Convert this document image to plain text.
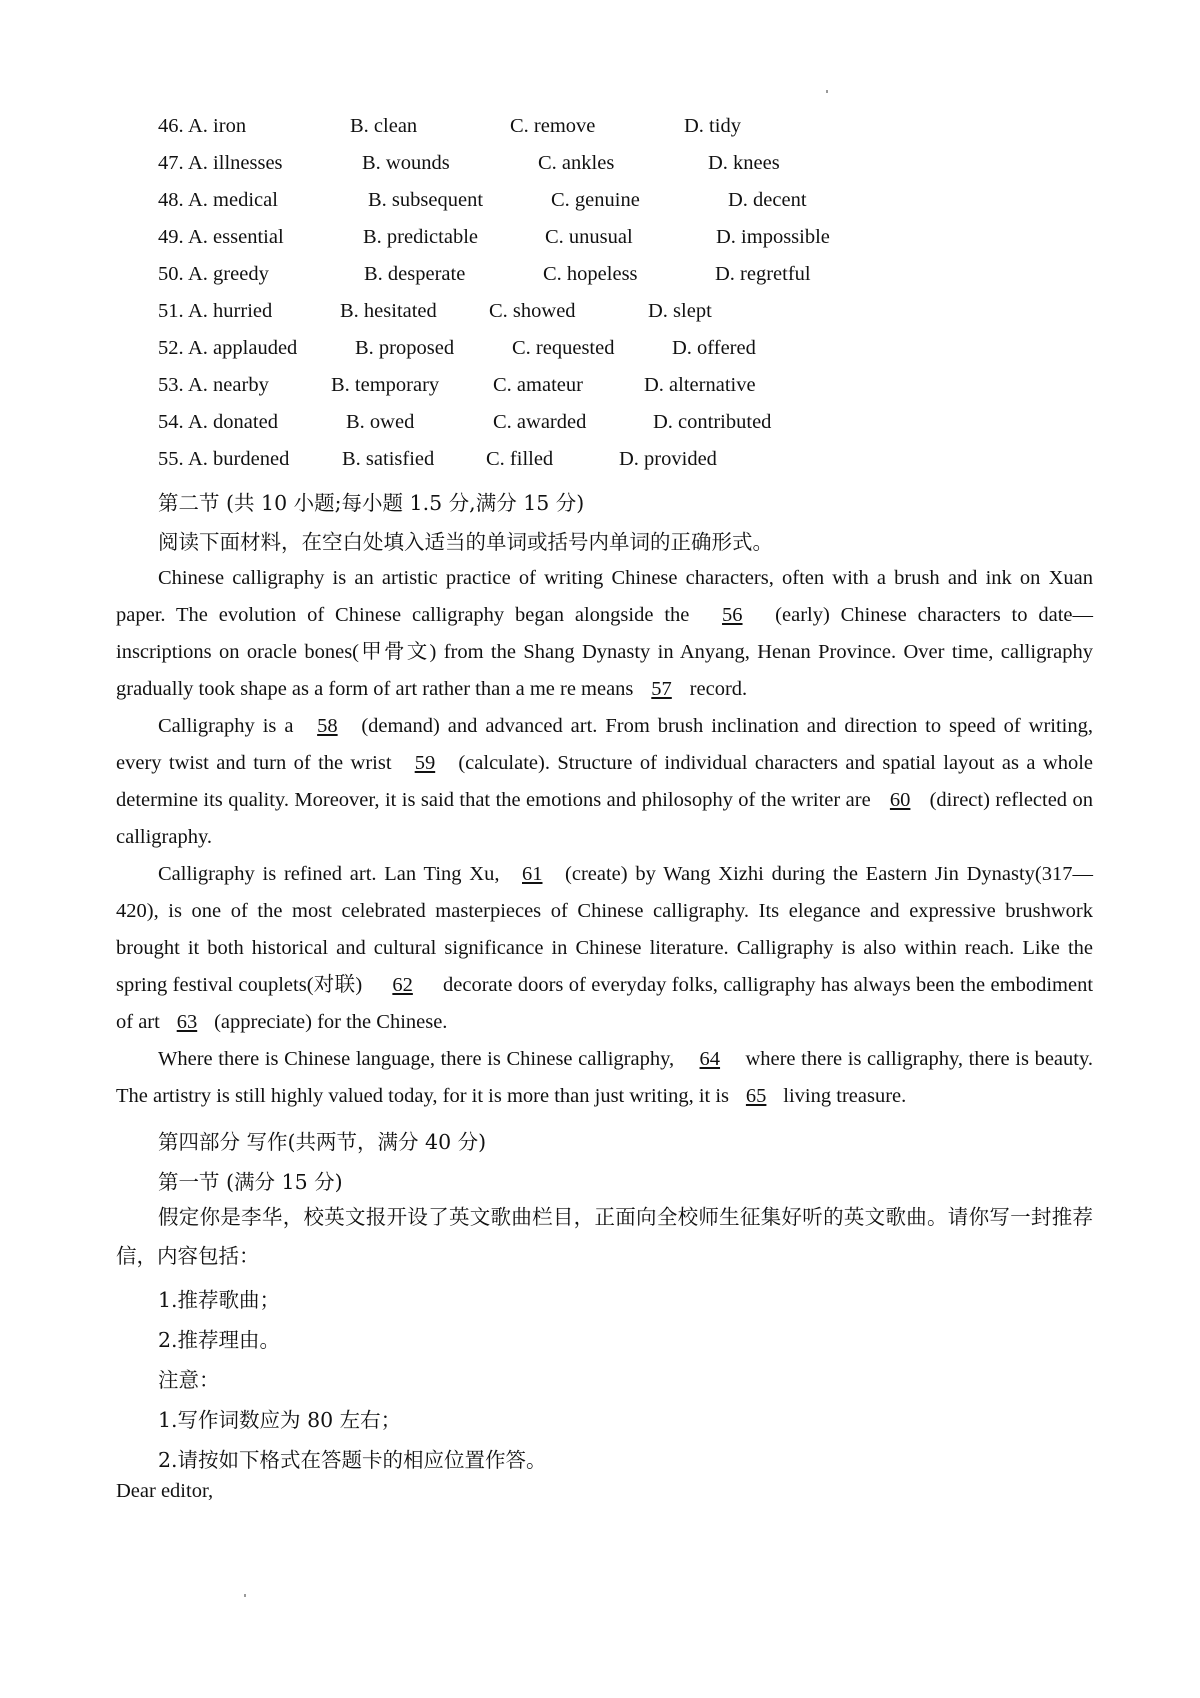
46. A. iron	B. clean	C. remove	D. tidy
47. A. illnesses	B. wounds	C. ankles	D. knees
48. A. medical	B. subsequent	C. genuine	D. decent
49. A. essential	B. predictable	C. unusual	D. impossible
50. A. greedy	B. desperate	C. hopeless	D. regretful
51. A. hurried	B. hesitated	C. showed	D. slept
52. A. applauded	B. proposed	C. requested	D. offered
53. A. nearby	B. temporary	C. amateur	D. alternative
54. A. donated	B. owed	C. awarded	D. contributed
55. A. burdened	B. satisfied	C. filled	D. provided
第二节 (共 10 小题;每小题 1.5 分,满分 15 分)
阅读下面材料，在空白处填入适当的单词或括号内单词的正确形式。
Chinese calligraphy is an artistic practice of writing Chinese characters, often with a brush and ink on Xuan paper. The evolution of Chinese calligraphy began alongside the 56 (early) Chinese characters to date—inscriptions on oracle bones(甲骨文) from the Shang Dynasty in Anyang, Henan Province. Over time, calligraphy gradually took shape as a form of art rather than a me re means 57 record.
Calligraphy is a 58 (demand) and advanced art. From brush inclination and direction to speed of writing, every twist and turn of the wrist 59 (calculate). Structure of individual characters and spatial layout as a whole determine its quality. Moreover, it is said that the emotions and philosophy of the writer are 60 (direct) reflected on calligraphy.
Calligraphy is refined art. Lan Ting Xu, 61 (create) by Wang Xizhi during the Eastern Jin Dynasty(317—420), is one of the most celebrated masterpieces of Chinese calligraphy. Its elegance and expressive brushwork brought it both historical and cultural significance in Chinese literature. Calligraphy is also within reach. Like the spring festival couplets(对联) 62 decorate doors of everyday folks, calligraphy has always been the embodiment of art 63 (appreciate) for the Chinese.
Where there is Chinese language, there is Chinese calligraphy, 64 where there is calligraphy, there is beauty. The artistry is still highly valued today, for it is more than just writing, it is 65 living treasure.
第四部分 写作(共两节，满分 40 分)
第一节 (满分 15 分)
假定你是李华，校英文报开设了英文歌曲栏目，正面向全校师生征集好听的英文歌曲。请你写一封推荐信，内容包括：
1.推荐歌曲；
2.推荐理由。
注意：
1.写作词数应为 80 左右；
2.请按如下格式在答题卡的相应位置作答。
Dear editor,
